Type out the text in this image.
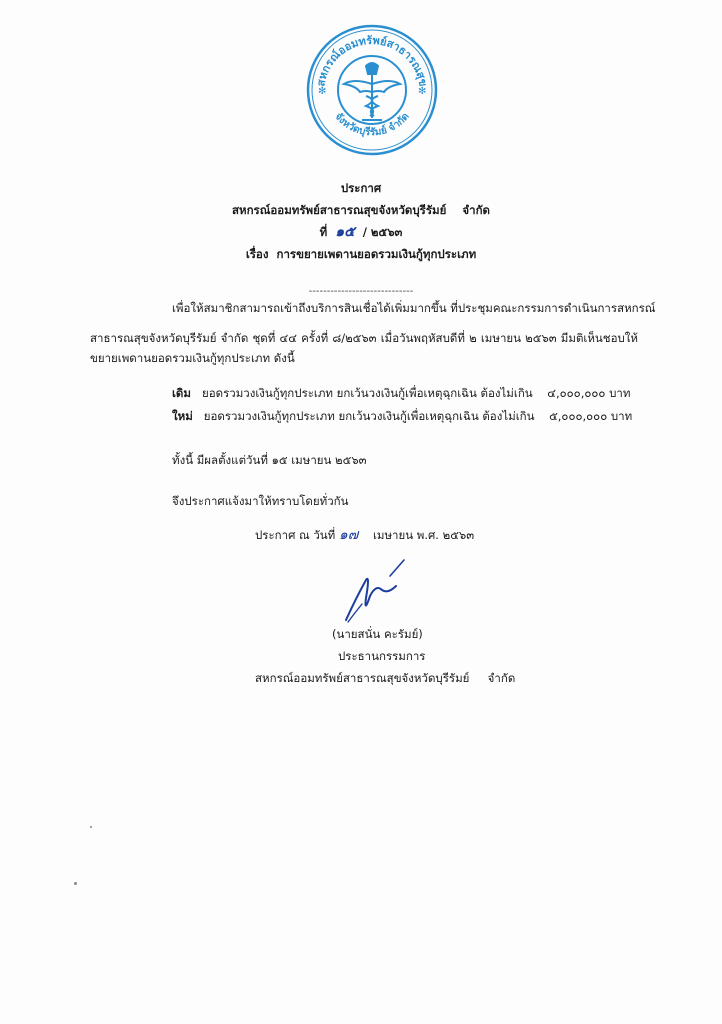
สหกรณ์ออมทรัพย์สาธารณสุข
จังหวัดบุรีรัมย์ จำกัด
✻	✻
ประกาศ
สหกรณ์ออมทรัพย์สาธารณสุขจังหวัดบุรีรัมย์ จำกัด
ที่ ๑๕ / ๒๕๖๓
เรื่อง การขยายเพดานยอดรวมเงินกู้ทุกประเภท
-----------------------------
เพื่อให้สมาชิกสามารถเข้าถึงบริการสินเชื่อได้เพิ่มมากขึ้น ที่ประชุมคณะกรรมการดำเนินการสหกรณ์
สาธารณสุขจังหวัดบุรีรัมย์ จำกัด ชุดที่ ๔๔ ครั้งที่ ๘/๒๕๖๓ เมื่อวันพฤหัสบดีที่ ๒ เมษายน ๒๕๖๓ มีมติเห็นชอบให้
ขยายเพดานยอดรวมเงินกู้ทุกประเภท ดังนี้
เดิม ยอดรวมวงเงินกู้ทุกประเภท ยกเว้นวงเงินกู้เพื่อเหตุฉุกเฉิน ต้องไม่เกิน ๔,๐๐๐,๐๐๐ บาท
ใหม่ ยอดรวมวงเงินกู้ทุกประเภท ยกเว้นวงเงินกู้เพื่อเหตุฉุกเฉิน ต้องไม่เกิน ๕,๐๐๐,๐๐๐ บาท
ทั้งนี้ มีผลตั้งแต่วันที่ ๑๕ เมษายน ๒๕๖๓
จึงประกาศแจ้งมาให้ทราบโดยทั่วกัน
ประกาศ ณ วันที่ ๑๗ เมษายน พ.ศ. ๒๕๖๓
(นายสนั่น คะรัมย์)
ประธานกรรมการ
สหกรณ์ออมทรัพย์สาธารณสุขจังหวัดบุรีรัมย์ จำกัด
